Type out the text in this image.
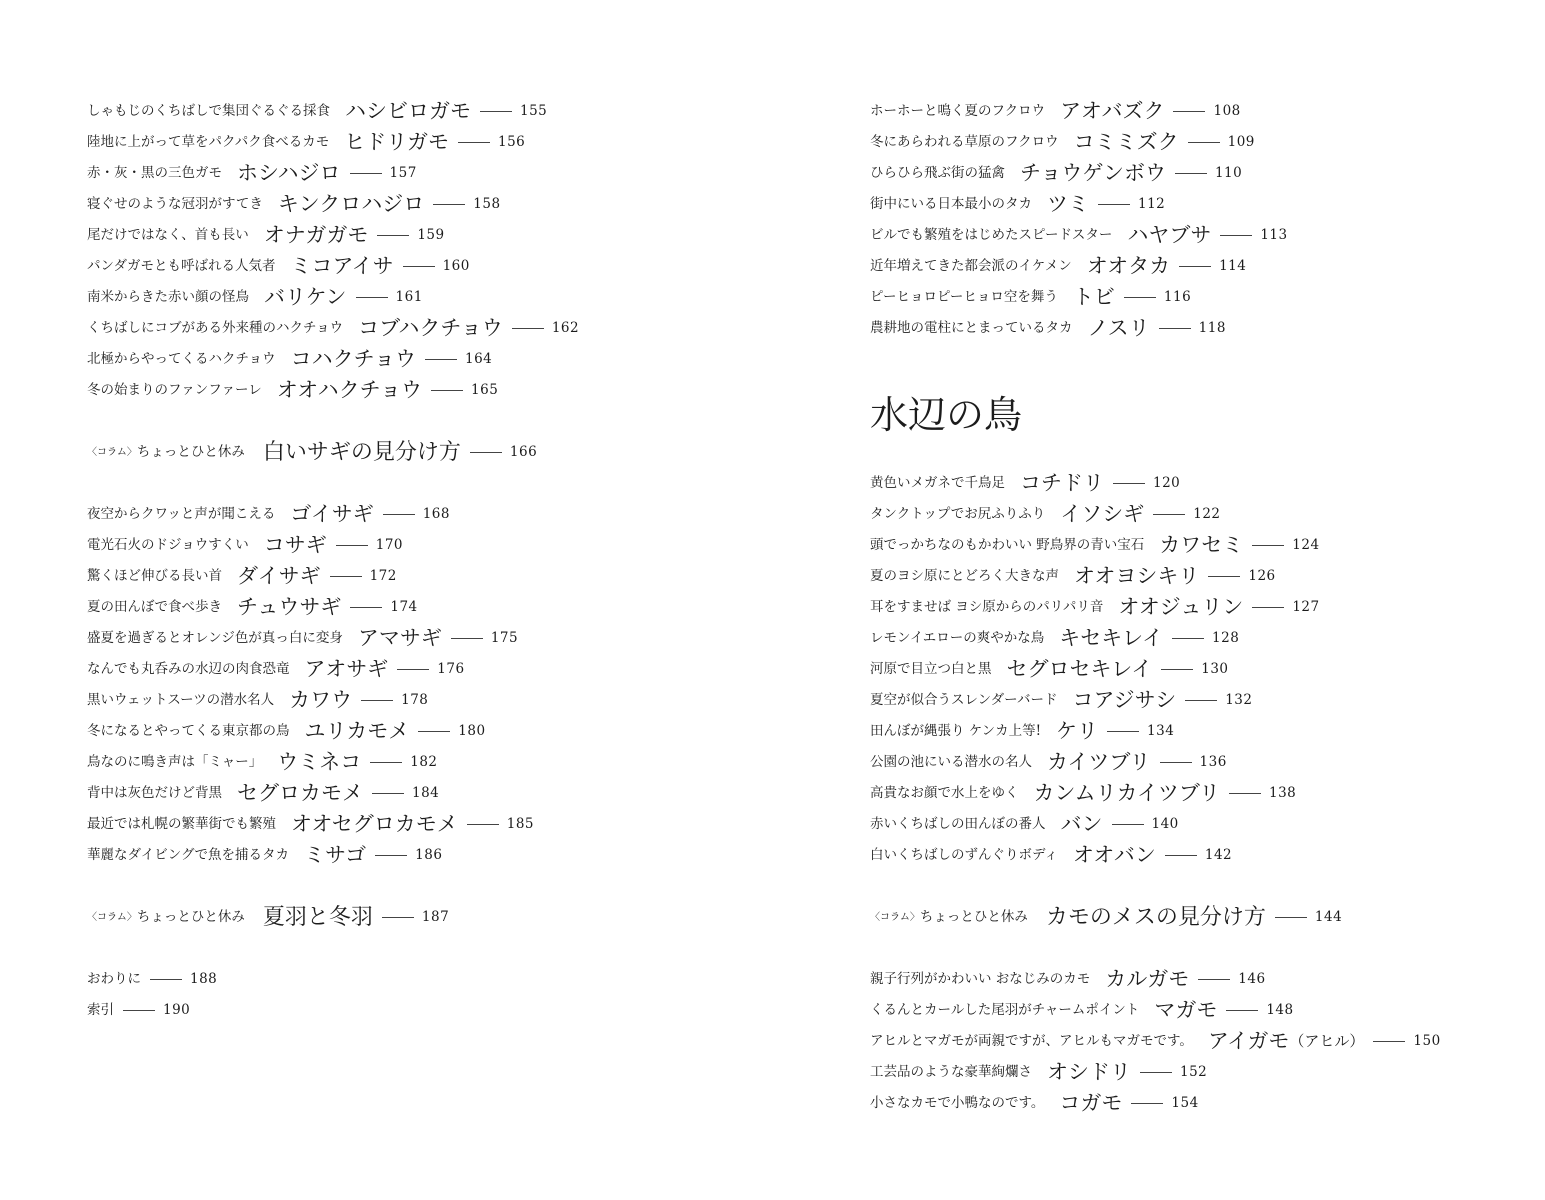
しゃもじのくちばしで集団ぐるぐる採食 ハシビロガモ	155
陸地に上がって草をパクパク食べるカモ ヒドリガモ	156
赤・灰・黒の三色ガモ ホシハジロ	157
寝ぐせのような冠羽がすてき キンクロハジロ	158
尾だけではなく、首も長い オナガガモ	159
パンダガモとも呼ばれる人気者 ミコアイサ	160
南米からきた赤い顔の怪鳥 バリケン	161
くちばしにコブがある外来種のハクチョウ コブハクチョウ	162
北極からやってくるハクチョウ コハクチョウ	164
冬の始まりのファンファーレ オオハクチョウ	165
〈コラム〉 ちょっとひと休み 白いサギの見分け方	166
夜空からクワッと声が聞こえる ゴイサギ	168
電光石火のドジョウすくい コサギ	170
驚くほど伸びる長い首 ダイサギ	172
夏の田んぼで食べ歩き チュウサギ	174
盛夏を過ぎるとオレンジ色が真っ白に変身 アマサギ	175
なんでも丸呑みの水辺の肉食恐竜 アオサギ	176
黒いウェットスーツの潜水名人 カワウ	178
冬になるとやってくる東京都の鳥 ユリカモメ	180
鳥なのに鳴き声は「ミャー」 ウミネコ	182
背中は灰色だけど背黒 セグロカモメ	184
最近では札幌の繁華街でも繁殖 オオセグロカモメ	185
華麗なダイビングで魚を捕るタカ ミサゴ	186
〈コラム〉 ちょっとひと休み 夏羽と冬羽	187
おわりに	188
索引	190
ホーホーと鳴く夏のフクロウ アオバズク	108
冬にあらわれる草原のフクロウ コミミズク	109
ひらひら飛ぶ街の猛禽 チョウゲンボウ	110
街中にいる日本最小のタカ ツミ	112
ビルでも繁殖をはじめたスピードスター ハヤブサ	113
近年増えてきた都会派のイケメン オオタカ	114
ピーヒョロピーヒョロ空を舞う トビ	116
農耕地の電柱にとまっているタカ ノスリ	118
水辺の鳥
黄色いメガネで千鳥足 コチドリ	120
タンクトップでお尻ふりふり イソシギ	122
頭でっかちなのもかわいい 野鳥界の青い宝石 カワセミ	124
夏のヨシ原にとどろく大きな声 オオヨシキリ	126
耳をすませば ヨシ原からのパリパリ音 オオジュリン	127
レモンイエローの爽やかな鳥 キセキレイ	128
河原で目立つ白と黒 セグロセキレイ	130
夏空が似合うスレンダーバード コアジサシ	132
田んぼが縄張り ケンカ上等! ケリ	134
公園の池にいる潜水の名人 カイツブリ	136
高貴なお顔で水上をゆく カンムリカイツブリ	138
赤いくちばしの田んぼの番人 バン	140
白いくちばしのずんぐりボディ オオバン	142
〈コラム〉 ちょっとひと休み カモのメスの見分け方	144
親子行列がかわいい おなじみのカモ カルガモ	146
くるんとカールした尾羽がチャームポイント マガモ	148
アヒルとマガモが両親ですが、アヒルもマガモです。 アイガモ （アヒル）	150
工芸品のような豪華絢爛さ オシドリ	152
小さなカモで小鴨なのです。 コガモ	154
